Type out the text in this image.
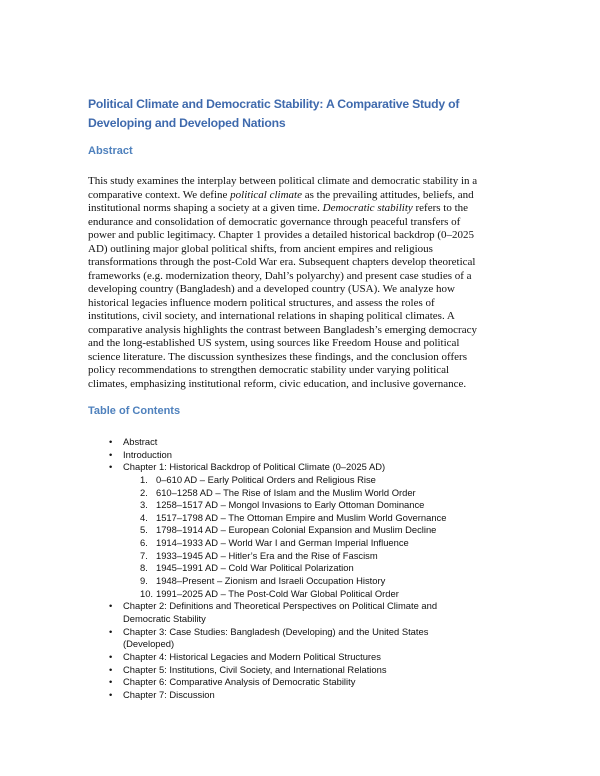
Political Climate and Democratic Stability: A Comparative Study of
Developing and Developed Nations
Abstract
This study examines the interplay between political climate and democratic stability in a
comparative context. We define political climate as the prevailing attitudes, beliefs, and
institutional norms shaping a society at a given time. Democratic stability refers to the
endurance and consolidation of democratic governance through peaceful transfers of
power and public legitimacy. Chapter 1 provides a detailed historical backdrop (0–2025
AD) outlining major global political shifts, from ancient empires and religious
transformations through the post-Cold War era. Subsequent chapters develop theoretical
frameworks (e.g. modernization theory, Dahl’s polyarchy) and present case studies of a
developing country (Bangladesh) and a developed country (USA). We analyze how
historical legacies influence modern political structures, and assess the roles of
institutions, civil society, and international relations in shaping political climates. A
comparative analysis highlights the contrast between Bangladesh’s emerging democracy
and the long-established US system, using sources like Freedom House and political
science literature. The discussion synthesizes these findings, and the conclusion offers
policy recommendations to strengthen democratic stability under varying political
climates, emphasizing institutional reform, civic education, and inclusive governance.
Table of Contents
• Abstract
• Introduction
• Chapter 1: Historical Backdrop of Political Climate (0–2025 AD)
1. 0–610 AD – Early Political Orders and Religious Rise
2. 610–1258 AD – The Rise of Islam and the Muslim World Order
3. 1258–1517 AD – Mongol Invasions to Early Ottoman Dominance
4. 1517–1798 AD – The Ottoman Empire and Muslim World Governance
5. 1798–1914 AD – European Colonial Expansion and Muslim Decline
6. 1914–1933 AD – World War I and German Imperial Influence
7. 1933–1945 AD – Hitler’s Era and the Rise of Fascism
8. 1945–1991 AD – Cold War Political Polarization
9. 1948–Present – Zionism and Israeli Occupation History
10. 1991–2025 AD – The Post-Cold War Global Political Order
• Chapter 2: Definitions and Theoretical Perspectives on Political Climate and
Democratic Stability
• Chapter 3: Case Studies: Bangladesh (Developing) and the United States
(Developed)
• Chapter 4: Historical Legacies and Modern Political Structures
• Chapter 5: Institutions, Civil Society, and International Relations
• Chapter 6: Comparative Analysis of Democratic Stability
• Chapter 7: Discussion
